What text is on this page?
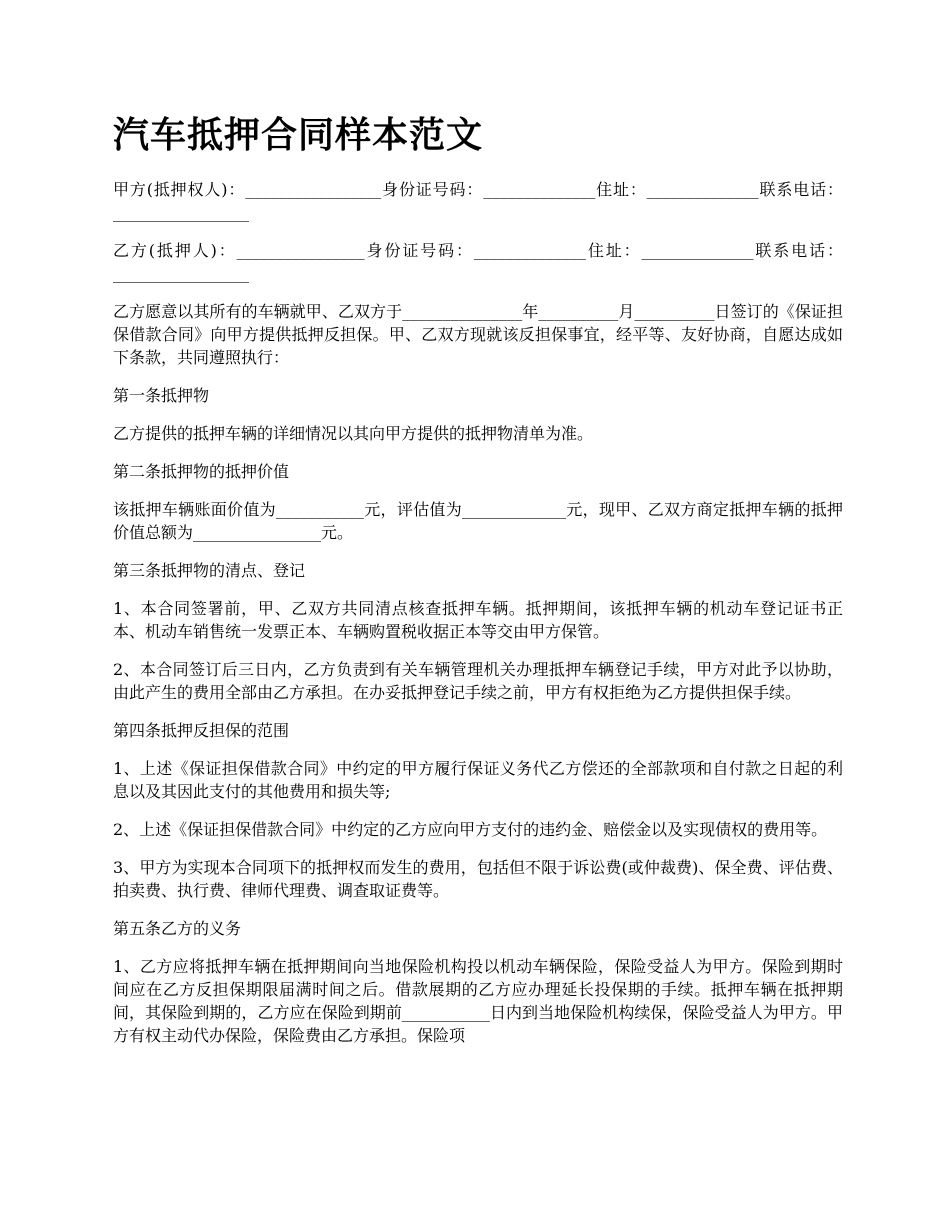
汽车抵押合同样本范文

甲方(抵押权人)：_________________身份证号码：______________住址：______________联系电话：_________________

乙方(抵押人)：________________身份证号码：______________住址：______________联系电话：_________________

乙方愿意以其所有的车辆就甲、乙双方于_______________年__________月__________日签订的《保证担保借款合同》向甲方提供抵押反担保。甲、乙双方现就该反担保事宜，经平等、友好协商，自愿达成如下条款，共同遵照执行：

第一条抵押物

乙方提供的抵押车辆的详细情况以其向甲方提供的抵押物清单为准。

第二条抵押物的抵押价值

该抵押车辆账面价值为___________元，评估值为_____________元，现甲、乙双方商定抵押车辆的抵押价值总额为________________元。

第三条抵押物的清点、登记

1、本合同签署前，甲、乙双方共同清点核查抵押车辆。抵押期间，该抵押车辆的机动车登记证书正本、机动车销售统一发票正本、车辆购置税收据正本等交由甲方保管。

2、本合同签订后三日内，乙方负责到有关车辆管理机关办理抵押车辆登记手续，甲方对此予以协助，由此产生的费用全部由乙方承担。在办妥抵押登记手续之前，甲方有权拒绝为乙方提供担保手续。

第四条抵押反担保的范围

1、上述《保证担保借款合同》中约定的甲方履行保证义务代乙方偿还的全部款项和自付款之日起的利息以及其因此支付的其他费用和损失等;

2、上述《保证担保借款合同》中约定的乙方应向甲方支付的违约金、赔偿金以及实现债权的费用等。

3、甲方为实现本合同项下的抵押权而发生的费用，包括但不限于诉讼费(或仲裁费)、保全费、评估费、拍卖费、执行费、律师代理费、调查取证费等。

第五条乙方的义务

1、乙方应将抵押车辆在抵押期间向当地保险机构投以机动车辆保险，保险受益人为甲方。保险到期时间应在乙方反担保期限届满时间之后。借款展期的乙方应办理延长投保期的手续。抵押车辆在抵押期间，其保险到期的，乙方应在保险到期前___________日内到当地保险机构续保，保险受益人为甲方。甲方有权主动代办保险，保险费由乙方承担。保险项
